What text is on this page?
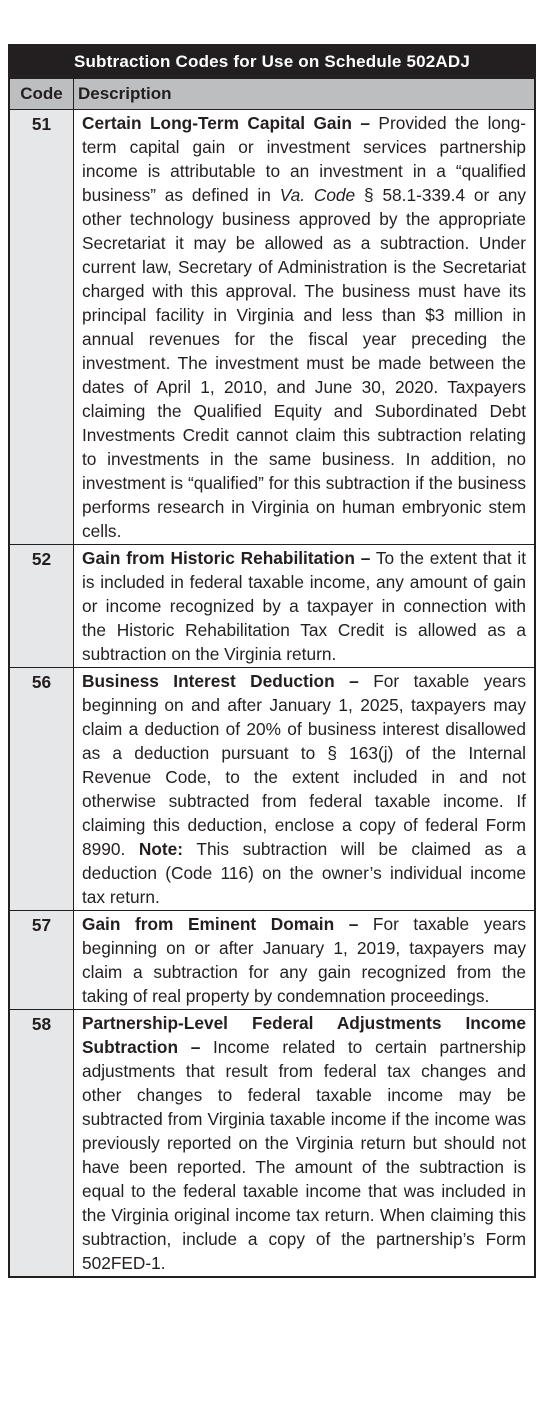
Subtraction Codes for Use on Schedule 502ADJ
Code	Description
51	Certain Long-Term Capital Gain – Provided the long-term capital gain or investment services partnership income is attributable to an investment in a “qualified business” as defined in Va. Code § 58.1-339.4 or any other technology business approved by the appropriate Secretariat it may be allowed as a subtraction. Under current law, Secretary of Administration is the Secretariat charged with this approval. The business must have its principal facility in Virginia and less than $3 million in annual revenues for the fiscal year preceding the investment. The investment must be made between the dates of April 1, 2010, and June 30, 2020. Taxpayers claiming the Qualified Equity and Subordinated Debt Investments Credit cannot claim this subtraction relating to investments in the same business. In addition, no investment is “qualified” for this subtraction if the business performs research in Virginia on human embryonic stem cells.
52	Gain from Historic Rehabilitation – To the extent that it is included in federal taxable income, any amount of gain or income recognized by a taxpayer in connection with the Historic Rehabilitation Tax Credit is allowed as a subtraction on the Virginia return.
56	Business Interest Deduction – For taxable years beginning on and after January 1, 2025, taxpayers may claim a deduction of 20% of business interest disallowed as a deduction pursuant to § 163(j) of the Internal Revenue Code, to the extent included in and not otherwise subtracted from federal taxable income. If claiming this deduction, enclose a copy of federal Form 8990. Note: This subtraction will be claimed as a deduction (Code 116) on the owner’s individual income tax return.
57	Gain from Eminent Domain – For taxable years beginning on or after January 1, 2019, taxpayers may claim a subtraction for any gain recognized from the taking of real property by condemnation proceedings.
58	Partnership-Level Federal Adjustments Income Subtraction – Income related to certain partnership adjustments that result from federal tax changes and other changes to federal taxable income may be subtracted from Virginia taxable income if the income was previously reported on the Virginia return but should not have been reported. The amount of the subtraction is equal to the federal taxable income that was included in the Virginia original income tax return. When claiming this subtraction, include a copy of the partnership’s Form 502FED-1.
